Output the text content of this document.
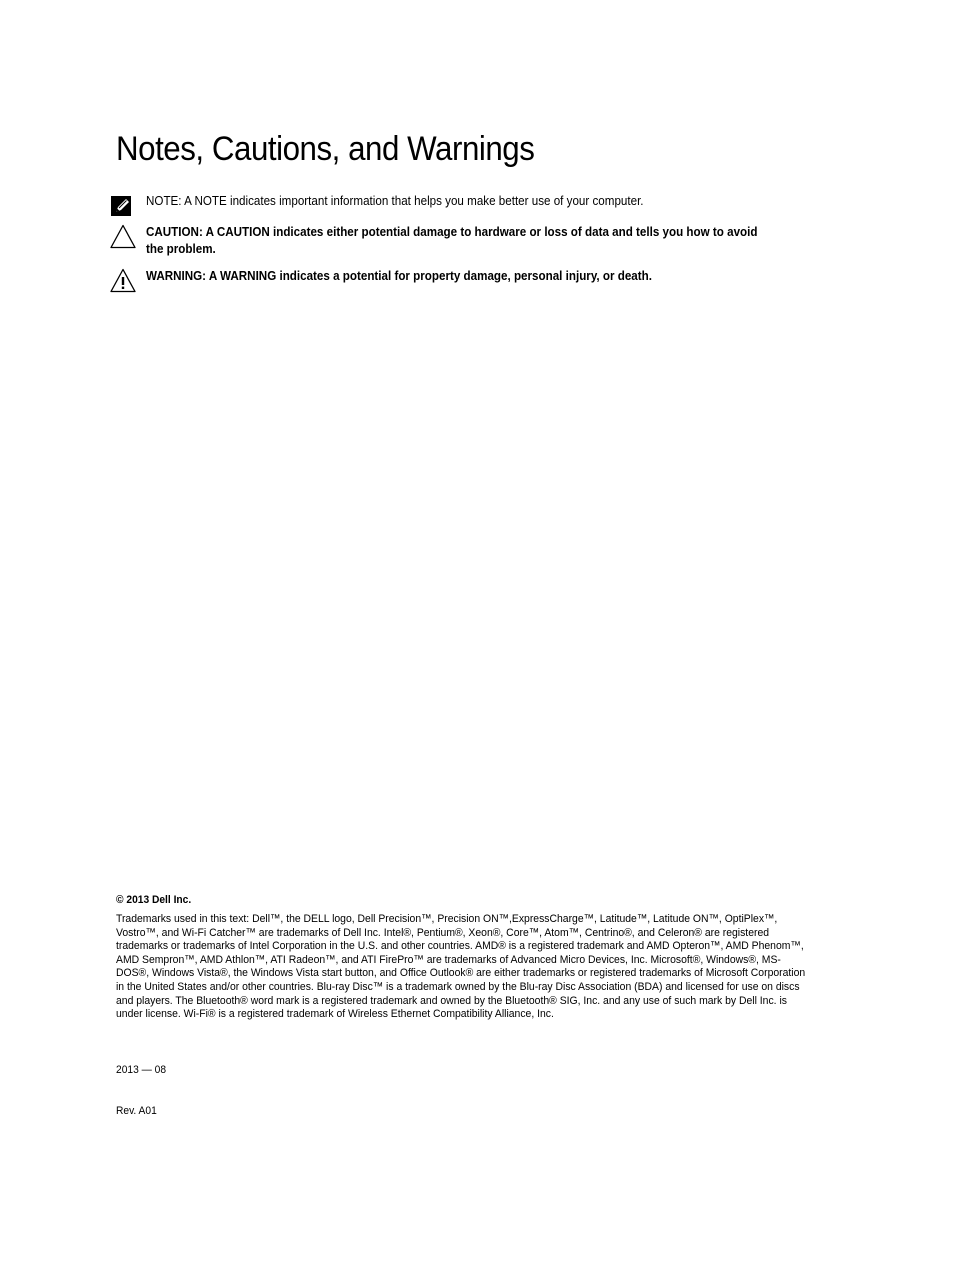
Notes, Cautions, and Warnings
NOTE: A NOTE indicates important information that helps you make better use of your computer.
CAUTION: A CAUTION indicates either potential damage to hardware or loss of data and tells you how to avoid the problem.
WARNING: A WARNING indicates a potential for property damage, personal injury, or death.
© 2013 Dell Inc.

Trademarks used in this text: Dell™, the DELL logo, Dell Precision™, Precision ON™,ExpressCharge™, Latitude™, Latitude ON™, OptiPlex™, Vostro™, and Wi-Fi Catcher™ are trademarks of Dell Inc. Intel®, Pentium®, Xeon®, Core™, Atom™, Centrino®, and Celeron® are registered trademarks or trademarks of Intel Corporation in the U.S. and other countries. AMD® is a registered trademark and AMD Opteron™, AMD Phenom™, AMD Sempron™, AMD Athlon™, ATI Radeon™, and ATI FirePro™ are trademarks of Advanced Micro Devices, Inc. Microsoft®, Windows®, MS-DOS®, Windows Vista®, the Windows Vista start button, and Office Outlook® are either trademarks or registered trademarks of Microsoft Corporation in the United States and/or other countries. Blu-ray Disc™ is a trademark owned by the Blu-ray Disc Association (BDA) and licensed for use on discs and players. The Bluetooth® word mark is a registered trademark and owned by the Bluetooth® SIG, Inc. and any use of such mark by Dell Inc. is under license. Wi-Fi® is a registered trademark of Wireless Ethernet Compatibility Alliance, Inc.

2013 — 08
Rev. A01
